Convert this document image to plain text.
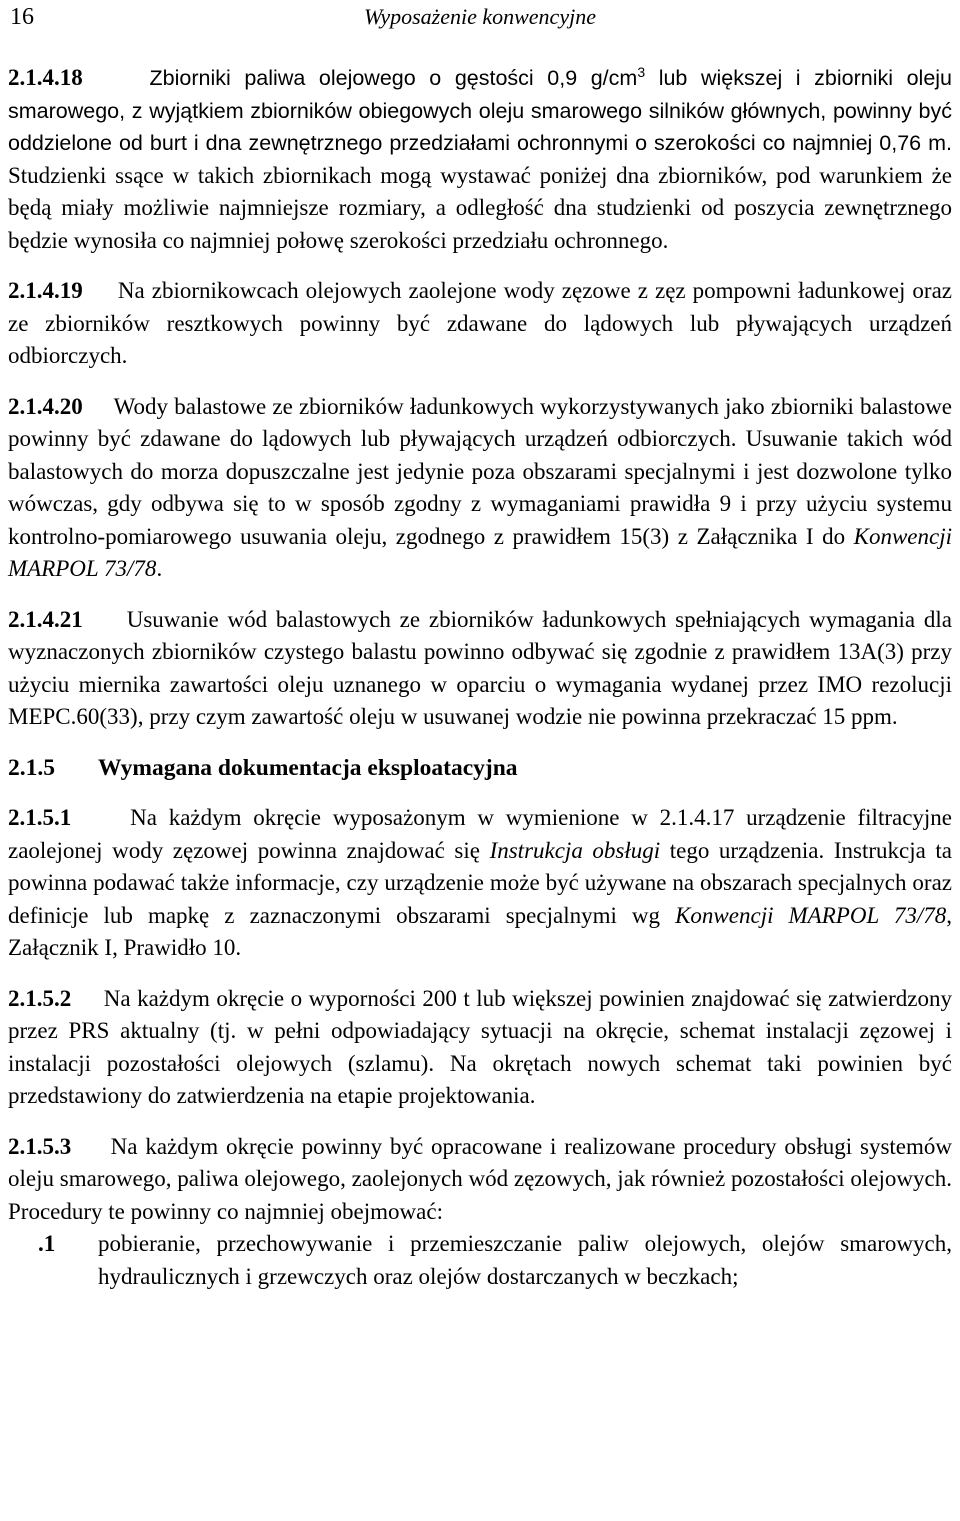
16	Wyposażenie konwencyjne

2.1.4.18	Zbiorniki paliwa olejowego o gęstości 0,9 $g/cm^3$ lub większej i zbiorniki oleju smarowego, z wyjątkiem zbiorników obiegowych oleju smarowego silników głównych, powinny być oddzielone od burt i dna zewnętrznego przedziałami ochronnymi o szerokości co najmniej 0,76 m. Studzienki ssące w takich zbiornikach mogą wystawać poniżej dna zbiorników, pod warunkiem że będą miały możliwie najmniejsze rozmiary, a odległość dna studzienki od poszycia zewnętrznego będzie wynosiła co najmniej połowę szerokości przedziału ochronnego.

2.1.4.19 Na zbiornikowcach olejowych zaolejone wody zęzowe z zęz pompowni ładunkowej oraz ze zbiorników resztkowych powinny być zdawane do lądowych lub pływających urządzeń odbiorczych.

2.1.4.20 Wody balastowe ze zbiorników ładunkowych wykorzystywanych jako zbiorniki balastowe powinny być zdawane do lądowych lub pływających urządzeń odbiorczych. Usuwanie takich wód balastowych do morza dopuszczalne jest jedynie poza obszarami specjalnymi i jest dozwolone tylko wówczas, gdy odbywa się to w sposób zgodny z wymaganiami prawidła 9 i przy użyciu systemu kontrolno-pomiarowego usuwania oleju, zgodnego z prawidłem 15(3) z Załącznika I do Konwencji MARPOL 73/78.

2.1.4.21 Usuwanie wód balastowych ze zbiorników ładunkowych spełniających wymagania dla wyznaczonych zbiorników czystego balastu powinno odbywać się zgodnie z prawidłem 13A(3) przy użyciu miernika zawartości oleju uznanego w oparciu o wymagania wydanej przez IMO rezolucji MEPC.60(33), przy czym zawartość oleju w usuwanej wodzie nie powinna przekraczać 15 ppm.

2.1.5 Wymagana dokumentacja eksploatacyjna

2.1.5.1	Na każdym okręcie wyposażonym w wymienione w 2.1.4.17 urządzenie filtracyjne zaolejonej wody zęzowej powinna znajdować się Instrukcja obsługi tego urządzenia. Instrukcja ta powinna podawać także informacje, czy urządzenie może być używane na obszarach specjalnych oraz definicje lub mapkę z zaznaczonymi obszarami specjalnymi wg Konwencji MARPOL 73/78, Załącznik I, Prawidło 10.

2.1.5.2 Na każdym okręcie o wyporności 200 t lub większej powinien znajdować się zatwierdzony przez PRS aktualny (tj. w pełni odpowiadający sytuacji na okręcie, schemat instalacji zęzowej i instalacji pozostałości olejowych (szlamu). Na okrętach nowych schemat taki powinien być przedstawiony do zatwierdzenia na etapie projektowania.

2.1.5.3 Na każdym okręcie powinny być opracowane i realizowane procedury obsługi systemów oleju smarowego, paliwa olejowego, zaolejonych wód zęzowych, jak również pozostałości olejowych. Procedury te powinny co najmniej obejmować:

.1	pobieranie, przechowywanie i przemieszczanie paliw olejowych, olejów smarowych, hydraulicznych i grzewczych oraz olejów dostarczanych w beczkach;
